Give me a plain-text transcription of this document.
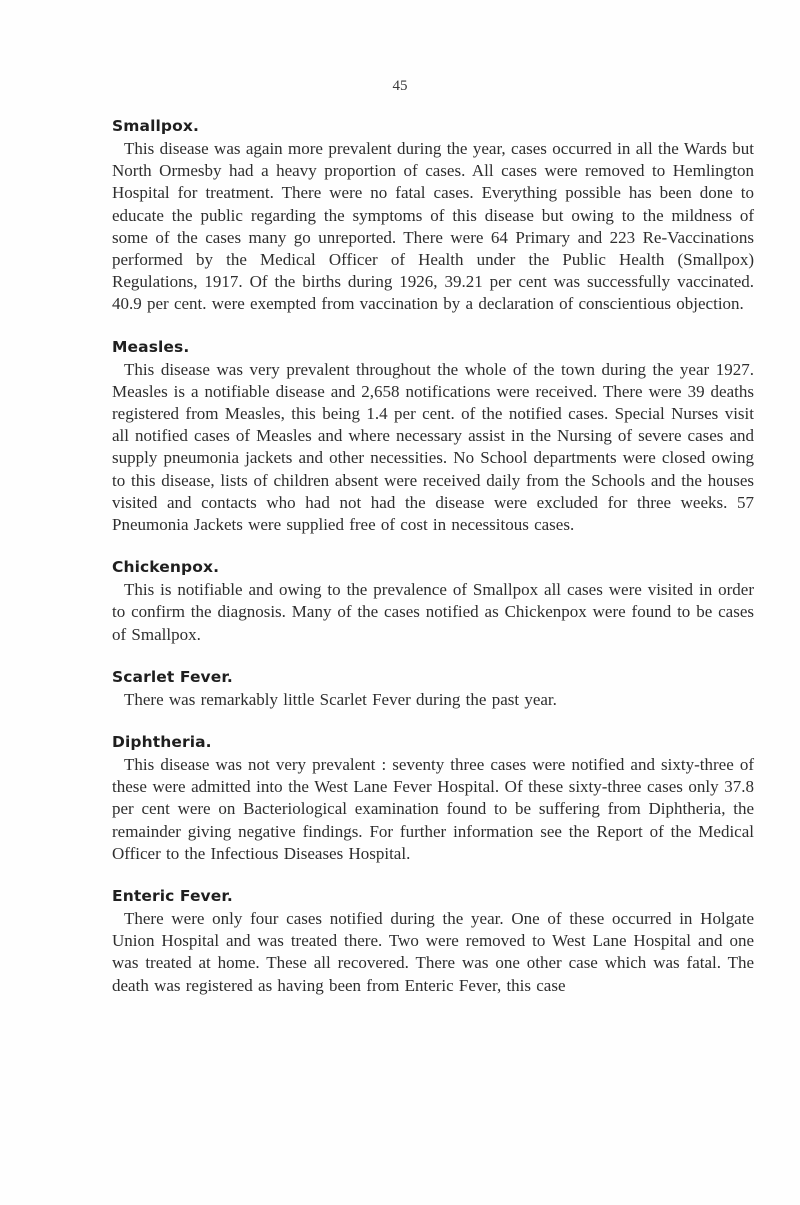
45

Smallpox.

This disease was again more prevalent during the year, cases occurred in all the Wards but North Ormesby had a heavy proportion of cases. All cases were removed to Hemlington Hospital for treatment. There were no fatal cases. Everything possible has been done to educate the public regarding the symptoms of this disease but owing to the mildness of some of the cases many go unreported. There were 64 Primary and 223 Re-Vaccinations performed by the Medical Officer of Health under the Public Health (Smallpox) Regulations, 1917. Of the births during 1926, 39.21 per cent was successfully vaccinated. 40.9 per cent. were exempted from vaccination by a declaration of conscientious objection.

Measles.

This disease was very prevalent throughout the whole of the town during the year 1927. Measles is a notifiable disease and 2,658 notifications were received. There were 39 deaths registered from Measles, this being 1.4 per cent. of the notified cases. Special Nurses visit all notified cases of Measles and where necessary assist in the Nursing of severe cases and supply pneumonia jackets and other necessities. No School departments were closed owing to this disease, lists of children absent were received daily from the Schools and the houses visited and contacts who had not had the disease were excluded for three weeks. 57 Pneumonia Jackets were supplied free of cost in necessitous cases.

Chickenpox.

This is notifiable and owing to the prevalence of Smallpox all cases were visited in order to confirm the diagnosis. Many of the cases notified as Chickenpox were found to be cases of Smallpox.

Scarlet Fever.

There was remarkably little Scarlet Fever during the past year.

Diphtheria.

This disease was not very prevalent : seventy three cases were notified and sixty-three of these were admitted into the West Lane Fever Hospital. Of these sixty-three cases only 37.8 per cent were on Bacteriological examination found to be suffering from Diphtheria, the remainder giving negative findings. For further information see the Report of the Medical Officer to the Infectious Diseases Hospital.

Enteric Fever.

There were only four cases notified during the year. One of these occurred in Holgate Union Hospital and was treated there. Two were removed to West Lane Hospital and one was treated at home. These all recovered. There was one other case which was fatal. The death was registered as having been from Enteric Fever, this case
